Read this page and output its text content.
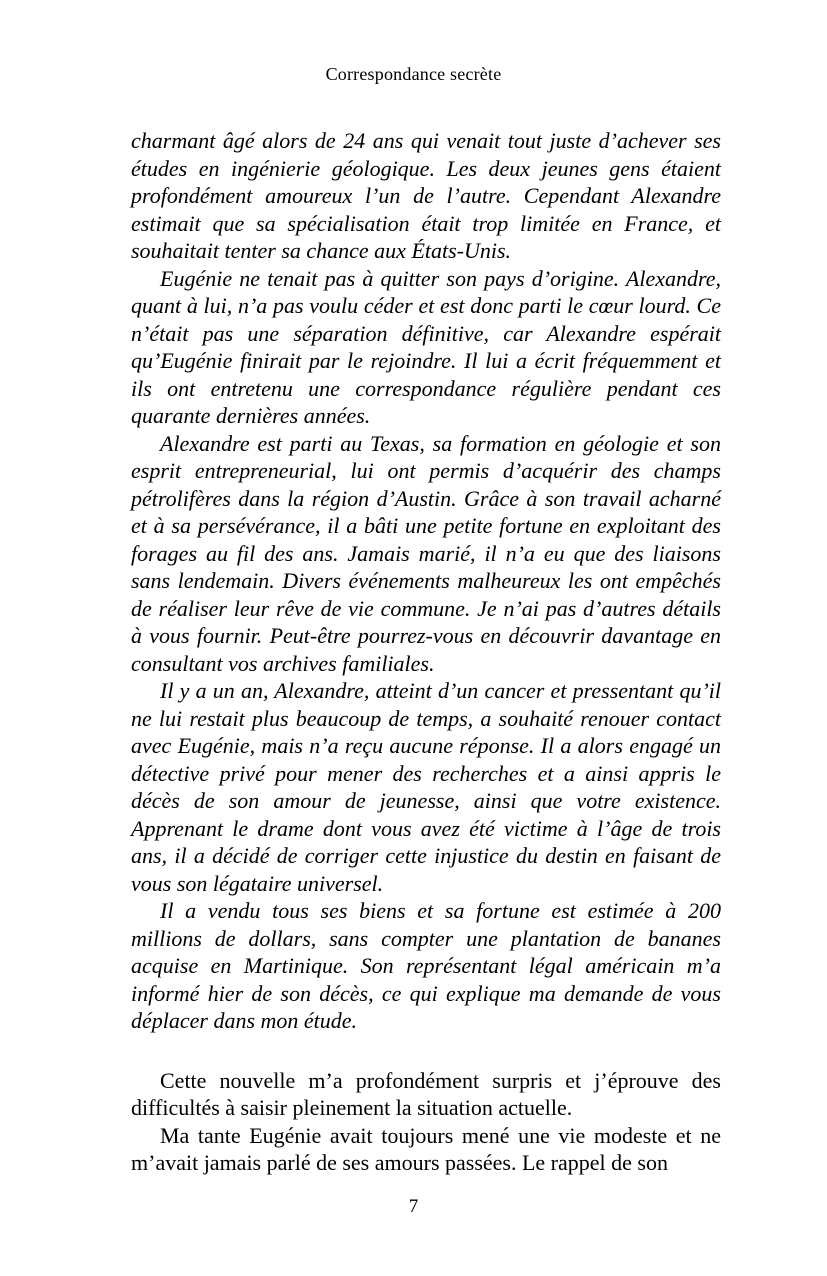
Correspondance secrète

charmant âgé alors de 24 ans qui venait tout juste d’achever ses études en ingénierie géologique. Les deux jeunes gens étaient profondément amoureux l’un de l’autre. Cependant Alexandre estimait que sa spécialisation était trop limitée en France, et souhaitait tenter sa chance aux États-Unis.

Eugénie ne tenait pas à quitter son pays d’origine. Alexandre, quant à lui, n’a pas voulu céder et est donc parti le cœur lourd. Ce n’était pas une séparation définitive, car Alexandre espérait qu’Eugénie finirait par le rejoindre. Il lui a écrit fréquemment et ils ont entretenu une correspondance régulière pendant ces quarante dernières années.

Alexandre est parti au Texas, sa formation en géologie et son esprit entrepreneurial, lui ont permis d’acquérir des champs pétrolifères dans la région d’Austin. Grâce à son travail acharné et à sa persévérance, il a bâti une petite fortune en exploitant des forages au fil des ans. Jamais marié, il n’a eu que des liaisons sans lendemain. Divers événements malheureux les ont empêchés de réaliser leur rêve de vie commune. Je n’ai pas d’autres détails à vous fournir. Peut-être pourrez-vous en découvrir davantage en consultant vos archives familiales.

Il y a un an, Alexandre, atteint d’un cancer et pressentant qu’il ne lui restait plus beaucoup de temps, a souhaité renouer contact avec Eugénie, mais n’a reçu aucune réponse. Il a alors engagé un détective privé pour mener des recherches et a ainsi appris le décès de son amour de jeunesse, ainsi que votre existence. Apprenant le drame dont vous avez été victime à l’âge de trois ans, il a décidé de corriger cette injustice du destin en faisant de vous son légataire universel.

Il a vendu tous ses biens et sa fortune est estimée à 200 millions de dollars, sans compter une plantation de bananes acquise en Martinique. Son représentant légal américain m’a informé hier de son décès, ce qui explique ma demande de vous déplacer dans mon étude.

Cette nouvelle m’a profondément surpris et j’éprouve des difficultés à saisir pleinement la situation actuelle.

Ma tante Eugénie avait toujours mené une vie modeste et ne m’avait jamais parlé de ses amours passées. Le rappel de son

7
